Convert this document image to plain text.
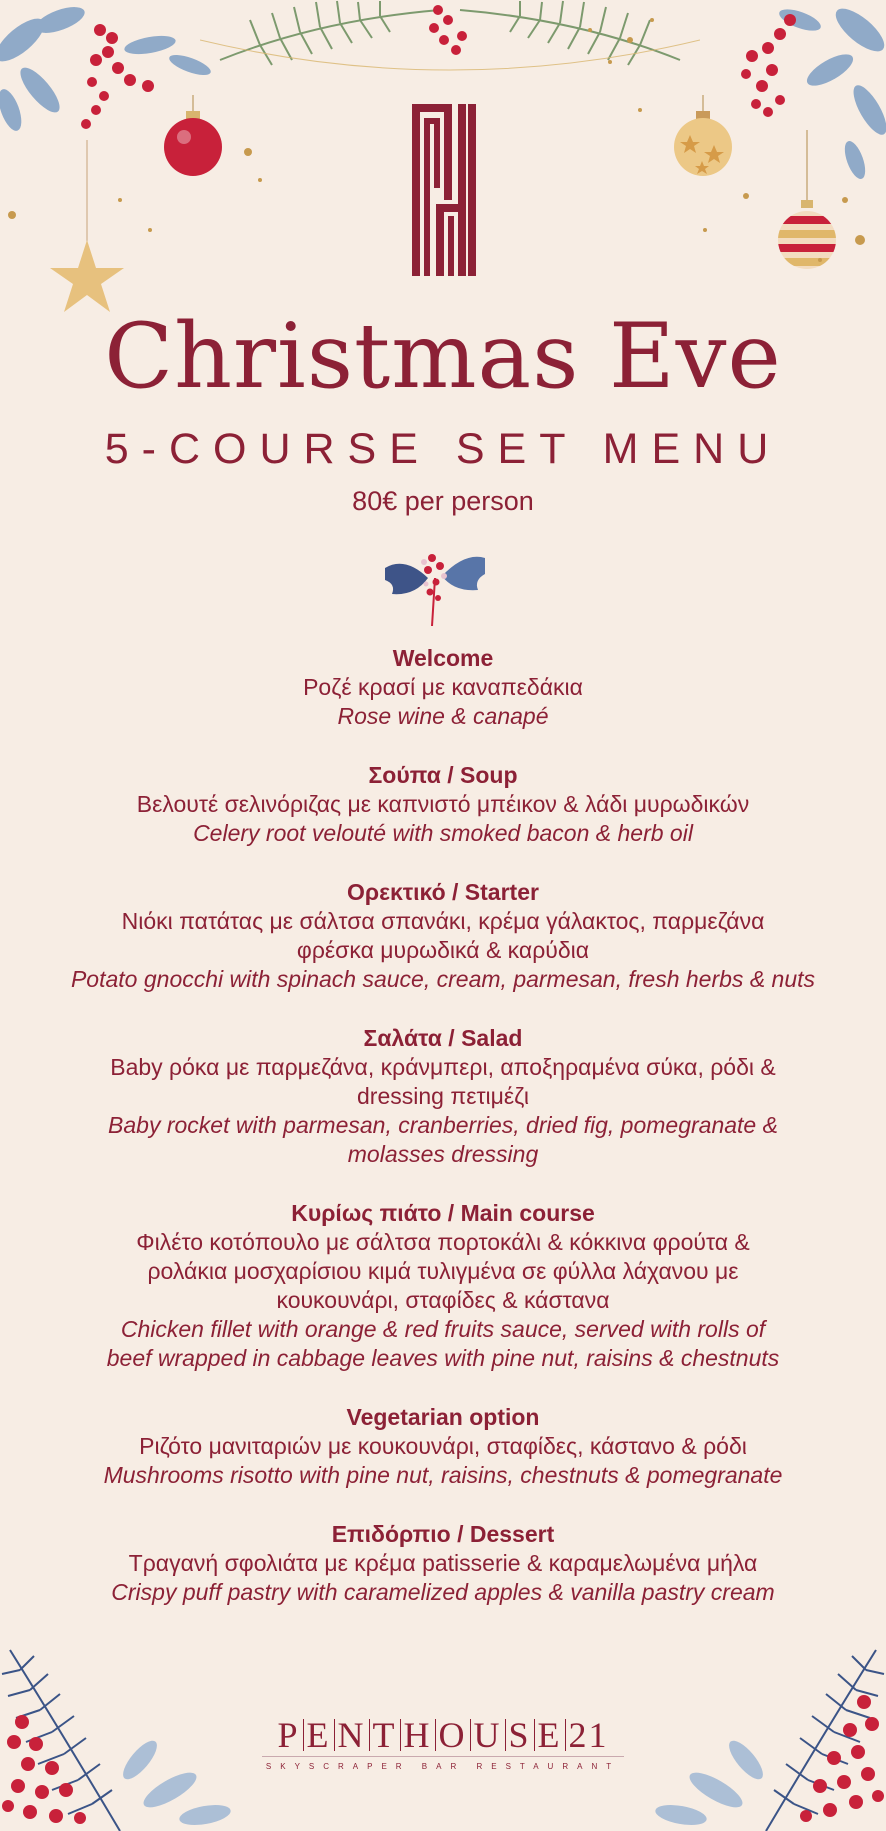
Christmas Eve
5-COURSE SET MENU
80€ per person
Welcome
Ροζέ κρασί με καναπεδάκια
Rose wine & canapé
Σούπα / Soup
Βελουτέ σελινόριζας με καπνιστό μπέικον & λάδι μυρωδικών
Celery root velouté with smoked bacon & herb oil
Ορεκτικό / Starter
Νιόκι πατάτας με σάλτσα σπανάκι, κρέμα γάλακτος, παρμεζάνα
φρέσκα μυρωδικά & καρύδια
Potato gnocchi with spinach sauce, cream, parmesan, fresh herbs & nuts
Σαλάτα / Salad
Baby ρόκα με παρμεζάνα, κράνμπερι, αποξηραμένα σύκα, ρόδι &
dressing πετιμέζι
Baby rocket with parmesan, cranberries, dried fig, pomegranate &
molasses dressing
Κυρίως πιάτο / Main course
Φιλέτο κοτόπουλο με σάλτσα πορτοκάλι & κόκκινα φρούτα &
ρολάκια μοσχαρίσιου κιμά τυλιγμένα σε φύλλα λάχανου με
κουκουνάρι, σταφίδες & κάστανα
Chicken fillet with orange & red fruits sauce, served with rolls of
beef wrapped in cabbage leaves with pine nut, raisins & chestnuts
Vegetarian option
Ριζότο μανιταριών με κουκουνάρι, σταφίδες, κάστανο & ρόδι
Mushrooms risotto with pine nut, raisins, chestnuts & pomegranate
Επιδόρπιο / Dessert
Τραγανή σφολιάτα με κρέμα patisserie & καραμελωμένα μήλα
Crispy puff pastry with caramelized apples & vanilla pastry cream
P E N T H O U S E 21
SKYSCRAPER BAR RESTAURANT
